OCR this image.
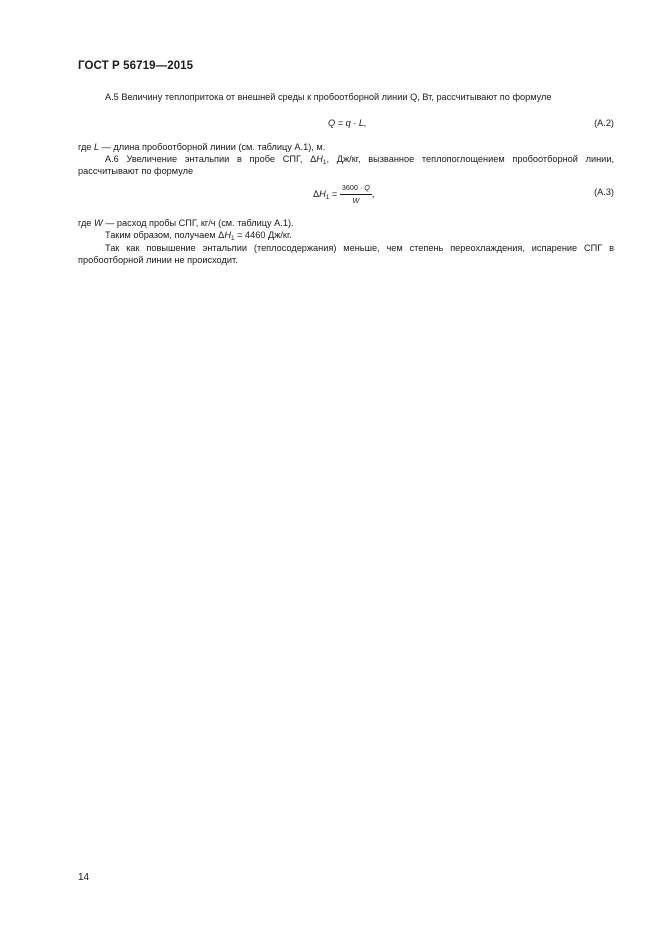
ГОСТ Р 56719—2015

А.5 Величину теплопритока от внешней среды к пробоотборной линии Q, Вт, рассчитывают по формуле

Q = q · L,	(А.2)

где L — длина пробоотборной линии (см. таблицу А.1), м.

А.6 Увеличение энтальпии в пробе СПГ, $\Delta H_1$, Дж/кг, вызванное теплопоглощением пробоотборной линии, рассчитывают по формуле

$\Delta H_1 = \frac{3600 \cdot Q}{W}$ ,	(А.3)

где W — расход пробы СПГ, кг/ч (см. таблицу А.1).

Таким образом, получаем $\Delta H_1 = 4460$ Дж/кг.

Так как повышение энтальпии (теплосодержания) меньше, чем степень переохлаждения, испарение СПГ в пробоотборной линии не происходит.

14
